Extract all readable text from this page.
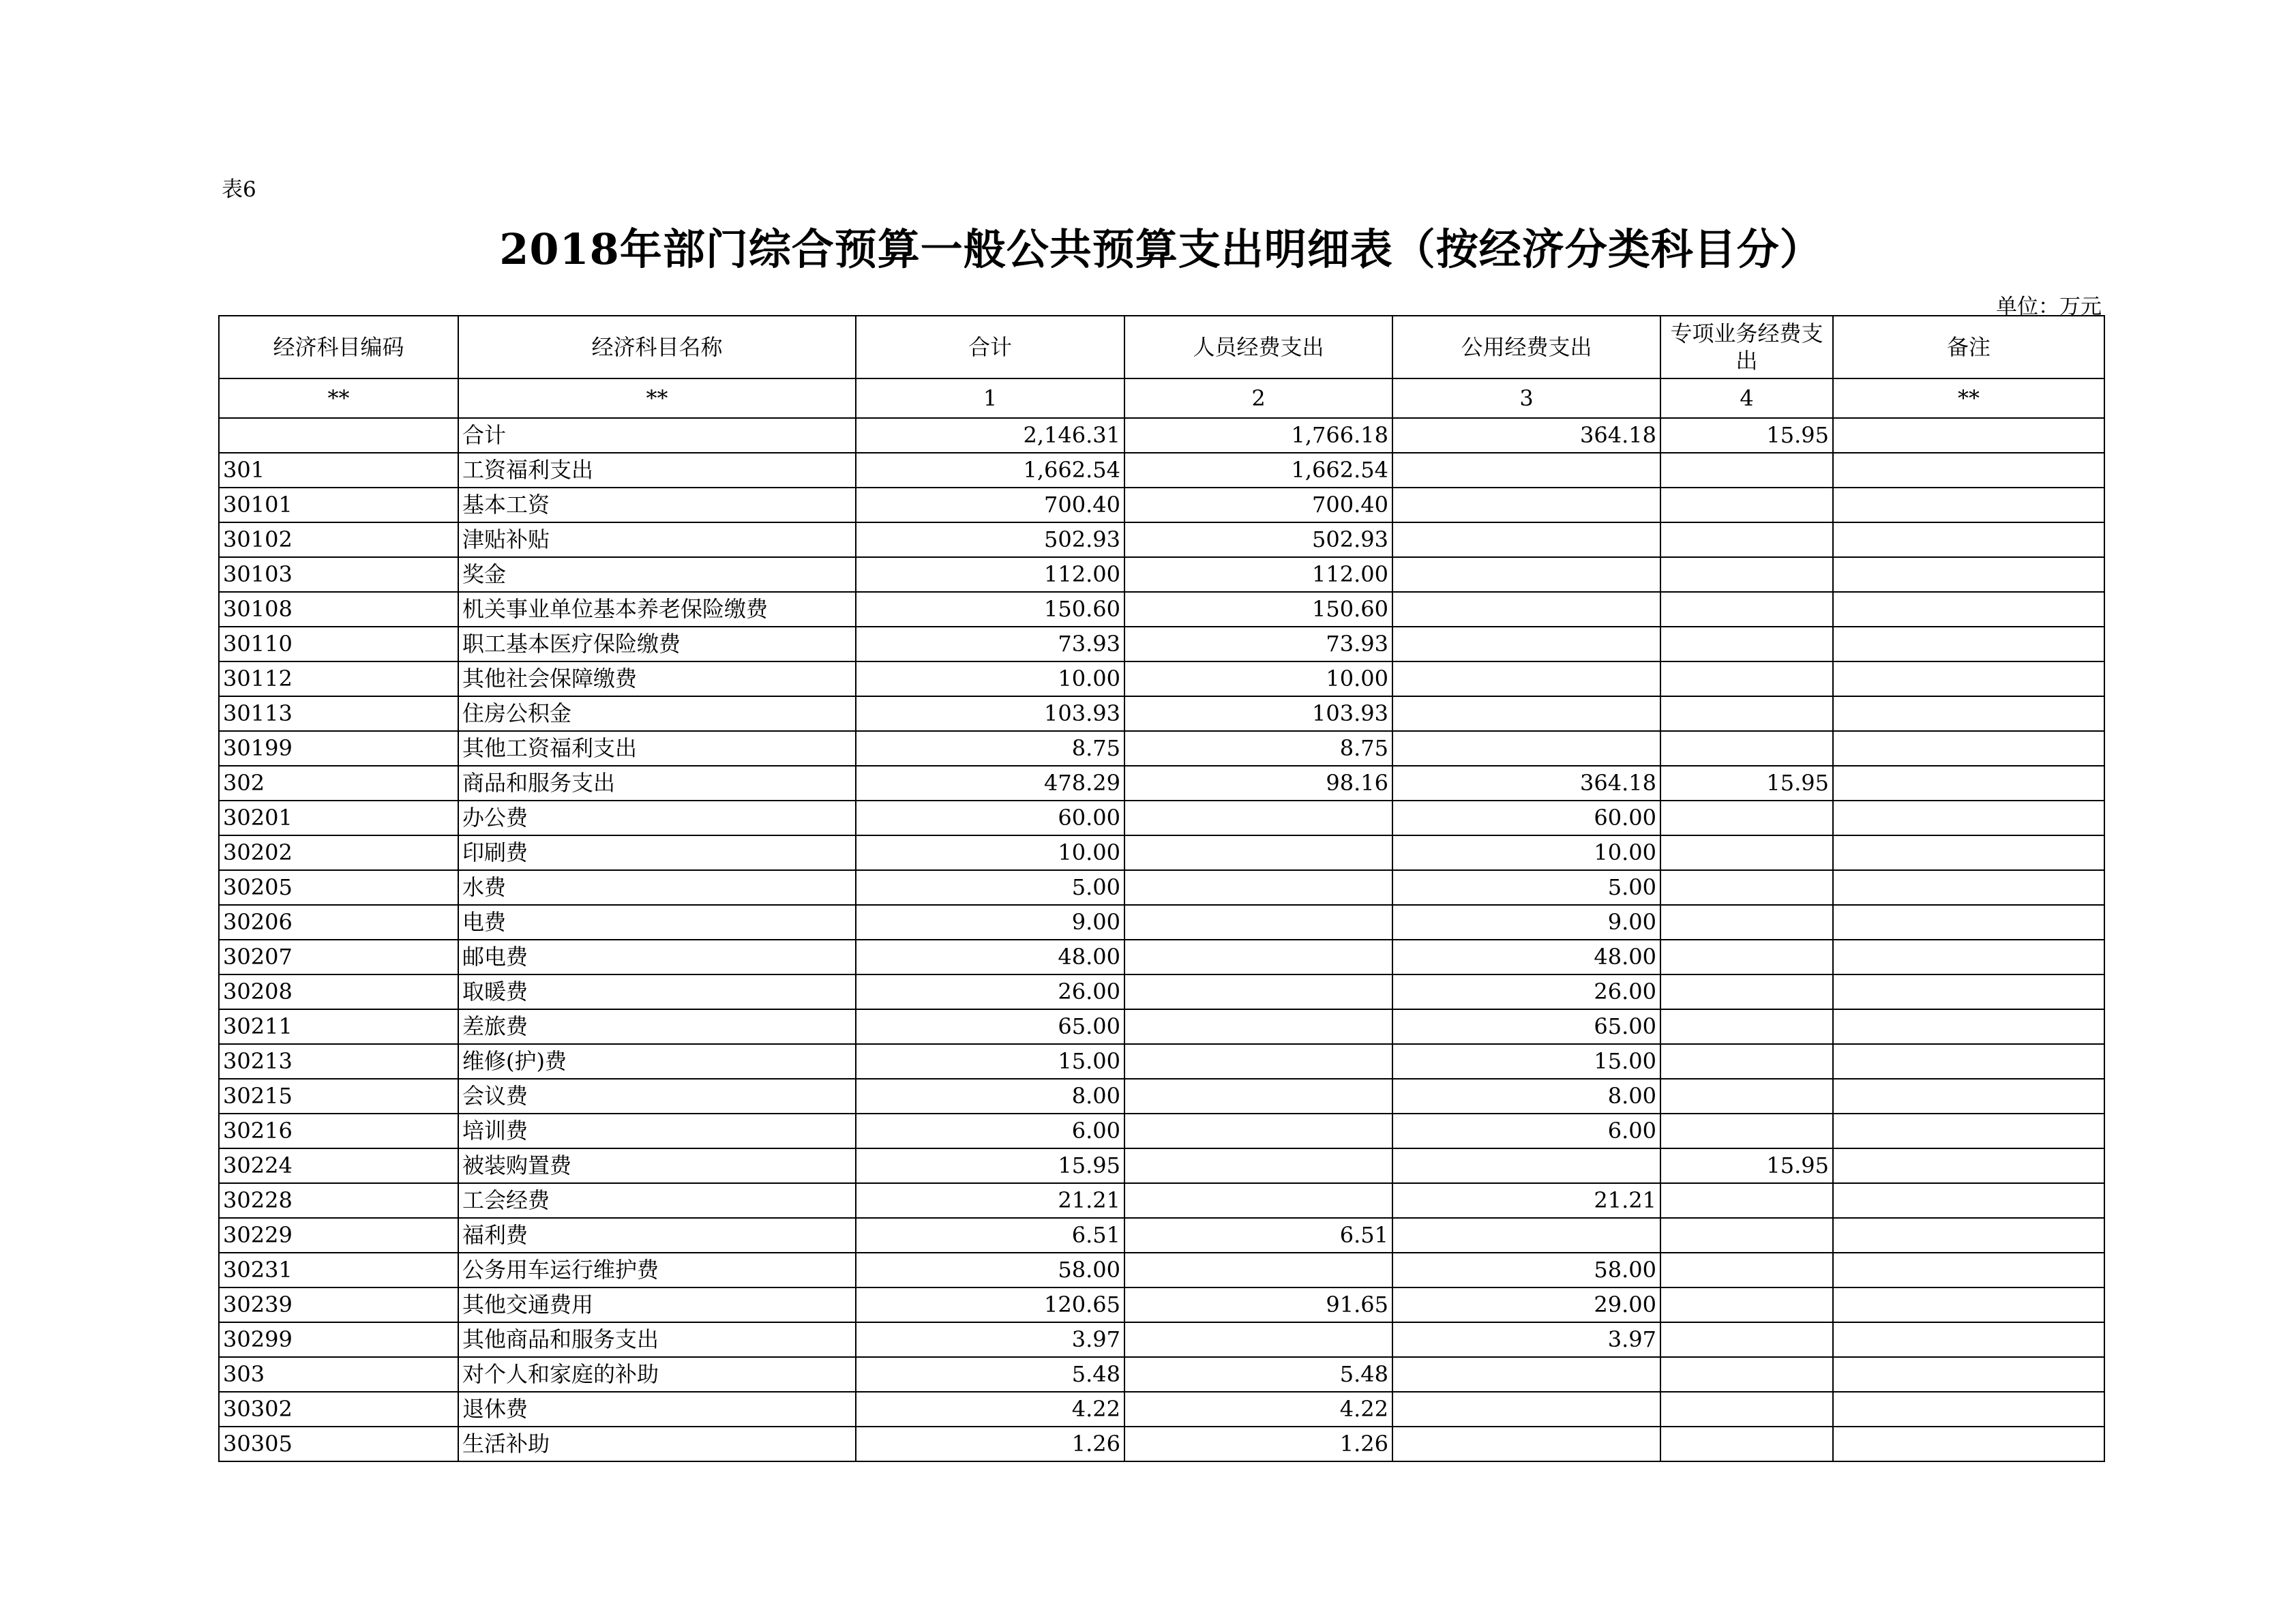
表6
2018年部门综合预算一般公共预算支出明细表（按经济分类科目分）
单位：万元
经济科目编码	经济科目名称	合计	人员经费支出	公用经费支出	专项业务经费支出	备注
**	**	1	2	3	4	**
	合计	2,146.31	1,766.18	364.18	15.95	
301	工资福利支出	1,662.54	1,662.54			
30101	基本工资	700.40	700.40			
30102	津贴补贴	502.93	502.93			
30103	奖金	112.00	112.00			
30108	机关事业单位基本养老保险缴费	150.60	150.60			
30110	职工基本医疗保险缴费	73.93	73.93			
30112	其他社会保障缴费	10.00	10.00			
30113	住房公积金	103.93	103.93			
30199	其他工资福利支出	8.75	8.75			
302	商品和服务支出	478.29	98.16	364.18	15.95	
30201	办公费	60.00		60.00		
30202	印刷费	10.00		10.00		
30205	水费	5.00		5.00		
30206	电费	9.00		9.00		
30207	邮电费	48.00		48.00		
30208	取暖费	26.00		26.00		
30211	差旅费	65.00		65.00		
30213	维修(护)费	15.00		15.00		
30215	会议费	8.00		8.00		
30216	培训费	6.00		6.00		
30224	被装购置费	15.95			15.95	
30228	工会经费	21.21		21.21		
30229	福利费	6.51	6.51			
30231	公务用车运行维护费	58.00		58.00		
30239	其他交通费用	120.65	91.65	29.00		
30299	其他商品和服务支出	3.97		3.97		
303	对个人和家庭的补助	5.48	5.48			
30302	退休费	4.22	4.22			
30305	生活补助	1.26	1.26			
